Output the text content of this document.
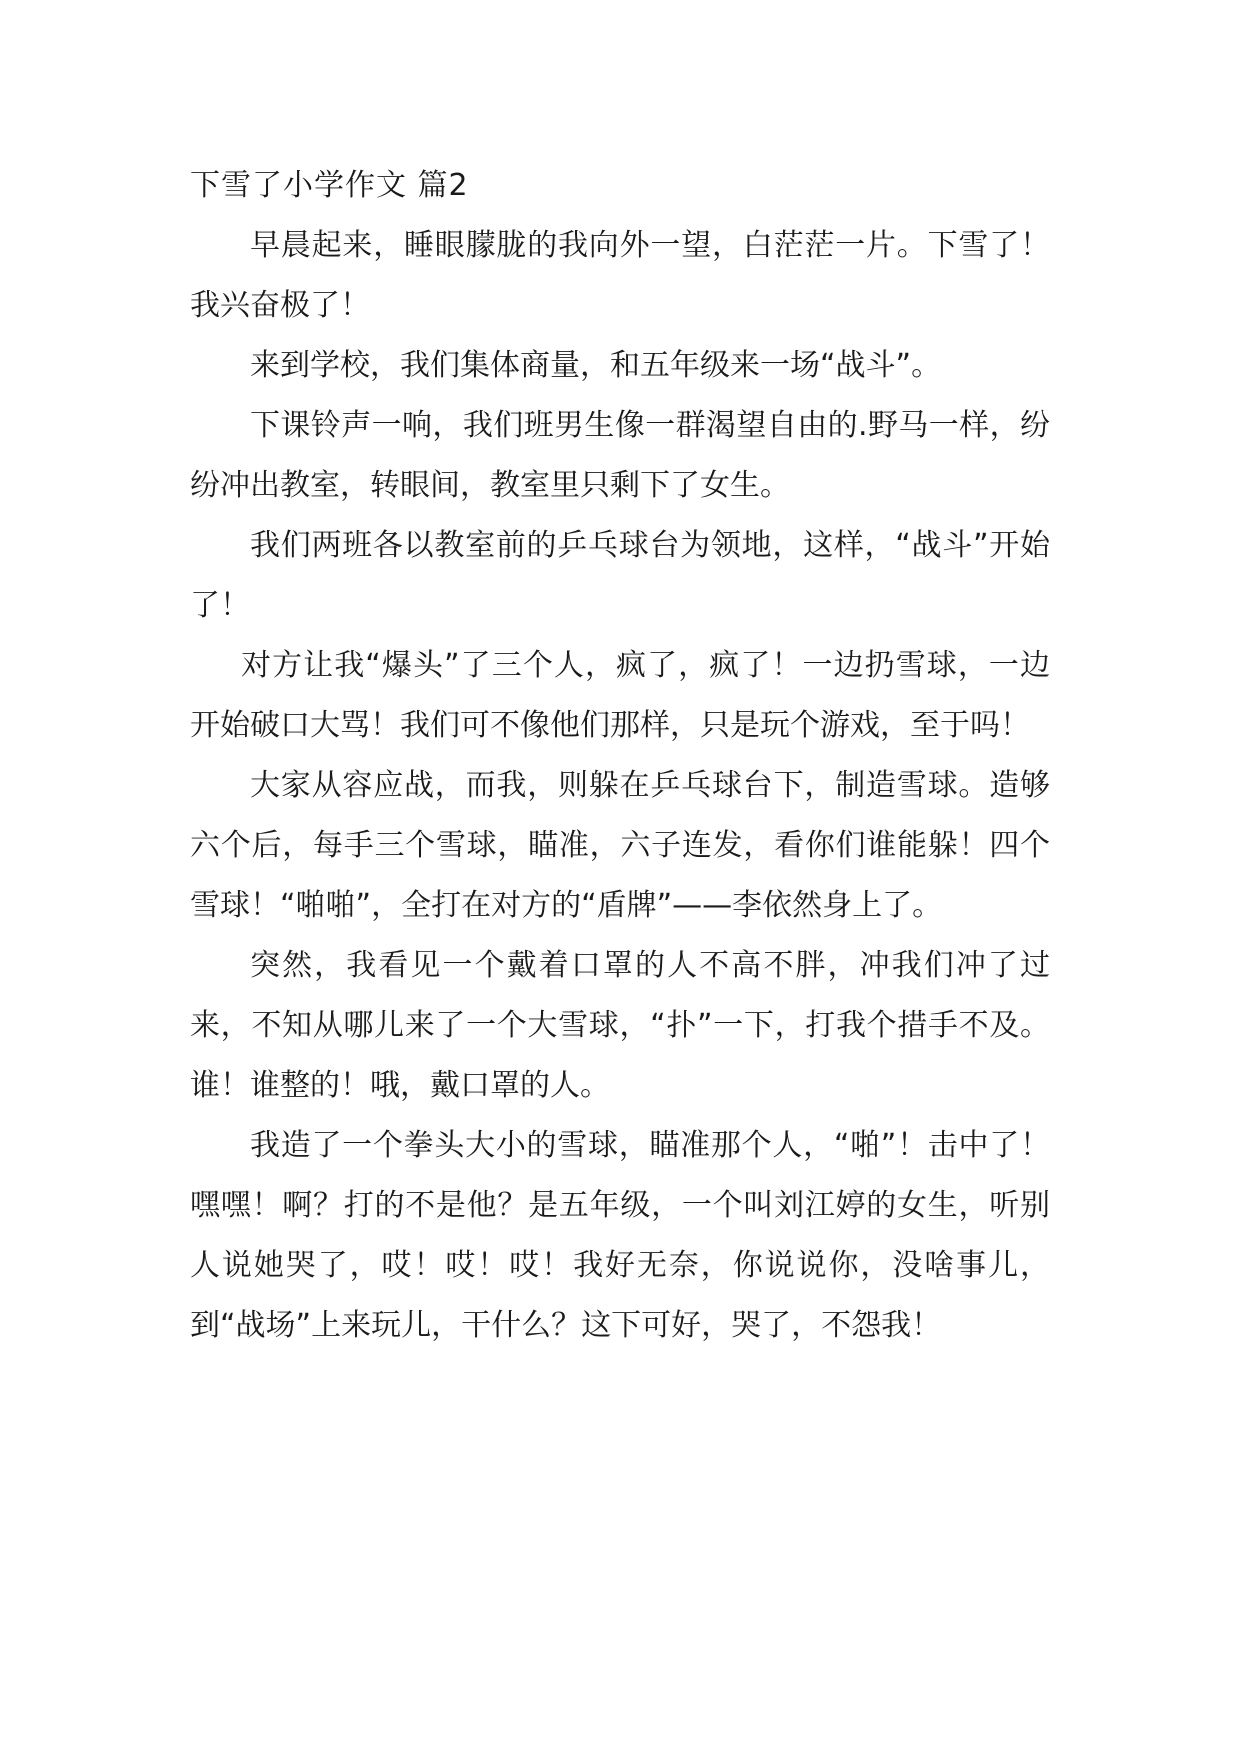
下雪了小学作文 篇2

早晨起来，睡眼朦胧的我向外一望，白茫茫一片。下雪了！我兴奋极了！

来到学校，我们集体商量，和五年级来一场“战斗”。

下课铃声一响，我们班男生像一群渴望自由的.野马一样，纷纷冲出教室，转眼间，教室里只剩下了女生。

我们两班各以教室前的乒乓球台为领地，这样，“战斗”开始了！

对方让我“爆头”了三个人，疯了，疯了！一边扔雪球，一边开始破口大骂！我们可不像他们那样，只是玩个游戏，至于吗！

大家从容应战，而我，则躲在乒乓球台下，制造雪球。造够六个后，每手三个雪球，瞄准，六子连发，看你们谁能躲！四个雪球！“啪啪”，全打在对方的“盾牌”——李依然身上了。

突然，我看见一个戴着口罩的人不高不胖，冲我们冲了过来，不知从哪儿来了一个大雪球，“扑”一下，打我个措手不及。谁！谁整的！哦，戴口罩的人。

我造了一个拳头大小的雪球，瞄准那个人，“啪”！击中了！嘿嘿！啊？打的不是他？是五年级，一个叫刘江婷的女生，听别人说她哭了，哎！哎！哎！我好无奈，你说说你，没啥事儿，到“战场”上来玩儿，干什么？这下可好，哭了，不怨我！
